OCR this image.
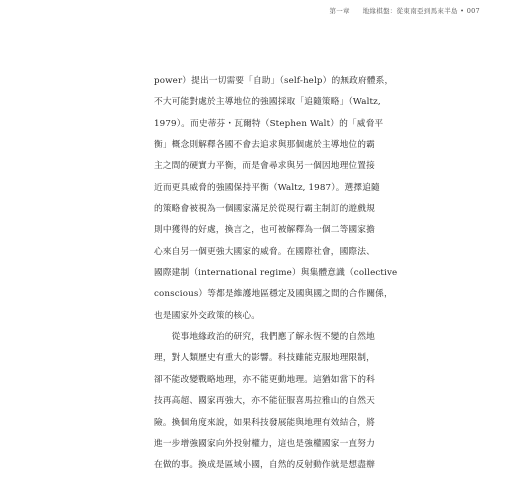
第一章 地緣棋盤：從東南亞到馬來半島 • 007
power）提出一切需要「自助」（self-help）的無政府體系，
不大可能對處於主導地位的強國採取「追隨策略」（Waltz,
1979）。而史蒂芬・瓦爾特（Stephen Walt）的「威脅平
衡」概念則解釋各國不會去追求與那個處於主導地位的霸
主之間的硬實力平衡，而是會尋求與另一個因地理位置接
近而更具威脅的強國保持平衡（Waltz, 1987）。選擇追隨
的策略會被視為一個國家滿足於從現行霸主制訂的遊戲規
則中獲得的好處，換言之，也可被解釋為一個二等國家擔
心來自另一個更強大國家的威脅。在國際社會，國際法、
國際建制（international regime）與集體意識（collective
conscious）等都是維護地區穩定及國與國之間的合作關係，
也是國家外交政策的核心。
　　從事地緣政治的研究，我們應了解永恆不變的自然地
理，對人類歷史有重大的影響。科技雖能克服地理限制，
卻不能改變戰略地理，亦不能更動地理。這猶如當下的科
技再高超、國家再強大，亦不能征服喜馬拉雅山的自然天
險。換個角度來說，如果科技發展能與地理有效結合，將
進一步增強國家向外投射權力，這也是強權國家一直努力
在做的事。換成是區域小國，自然的反射動作就是想盡辦
